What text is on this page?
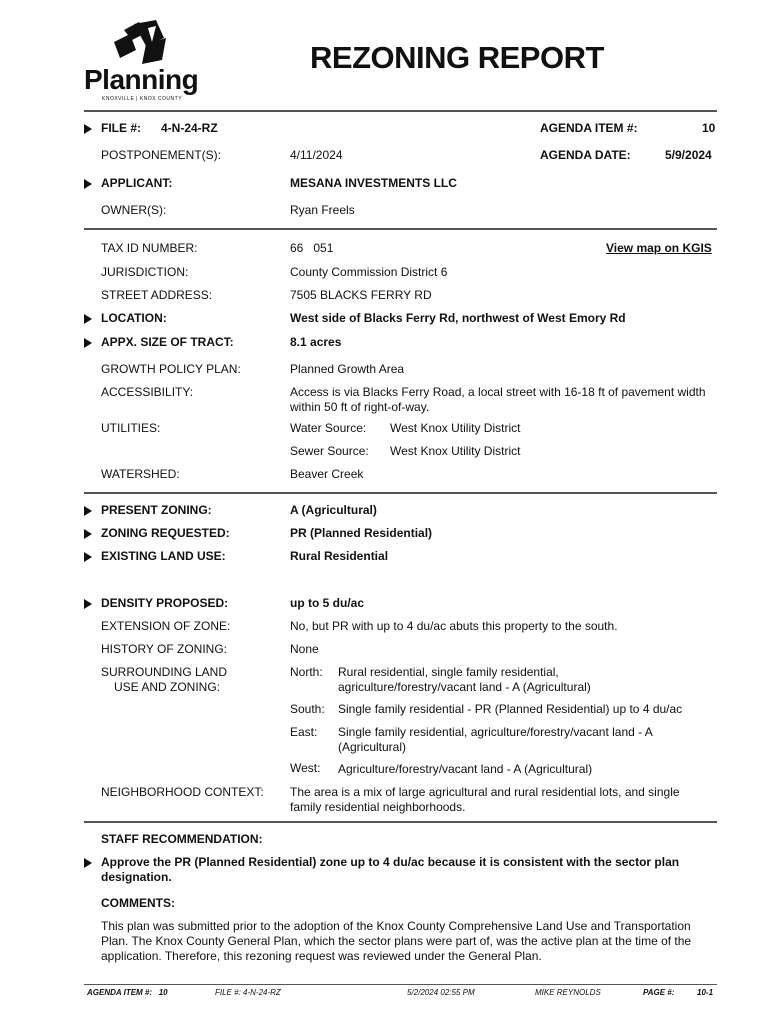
Planning
KNOXVILLE | KNOX COUNTY
REZONING REPORT
FILE #: 4-N-24-RZ	AGENDA ITEM #:	10
POSTPONEMENT(S):	4/11/2024	AGENDA DATE:	5/9/2024
APPLICANT:	MESANA INVESTMENTS LLC
OWNER(S):	Ryan Freels
TAX ID NUMBER:	66   051	View map on KGIS
JURISDICTION:	County Commission District 6
STREET ADDRESS:	7505 BLACKS FERRY RD
LOCATION:	West side of Blacks Ferry Rd, northwest of West Emory Rd
APPX. SIZE OF TRACT:	8.1 acres
GROWTH POLICY PLAN:	Planned Growth Area
ACCESSIBILITY:	Access is via Blacks Ferry Road, a local street with 16-18 ft of pavement width within 50 ft of right-of-way.
UTILITIES:	Water Source: West Knox Utility District
Sewer Source: West Knox Utility District
WATERSHED:	Beaver Creek
PRESENT ZONING:	A (Agricultural)
ZONING REQUESTED:	PR (Planned Residential)
EXISTING LAND USE:	Rural Residential
DENSITY PROPOSED:	up to 5 du/ac
EXTENSION OF ZONE:	No, but PR with up to 4 du/ac abuts this property to the south.
HISTORY OF ZONING:	None
SURROUNDING LAND
USE AND ZONING:
North: Rural residential, single family residential, agriculture/forestry/vacant land - A (Agricultural)
South: Single family residential - PR (Planned Residential) up to 4 du/ac
East: Single family residential, agriculture/forestry/vacant land - A (Agricultural)
West: Agriculture/forestry/vacant land - A (Agricultural)
NEIGHBORHOOD CONTEXT: The area is a mix of large agricultural and rural residential lots, and single family residential neighborhoods.
STAFF RECOMMENDATION:
Approve the PR (Planned Residential) zone up to 4 du/ac because it is consistent with the sector plan designation.
COMMENTS:
This plan was submitted prior to the adoption of the Knox County Comprehensive Land Use and Transportation Plan. The Knox County General Plan, which the sector plans were part of, was the active plan at the time of the application. Therefore, this rezoning request was reviewed under the General Plan.
AGENDA ITEM #:   10	FILE #: 4-N-24-RZ	5/2/2024 02:55 PM	MIKE REYNOLDS	PAGE #:	10-1
